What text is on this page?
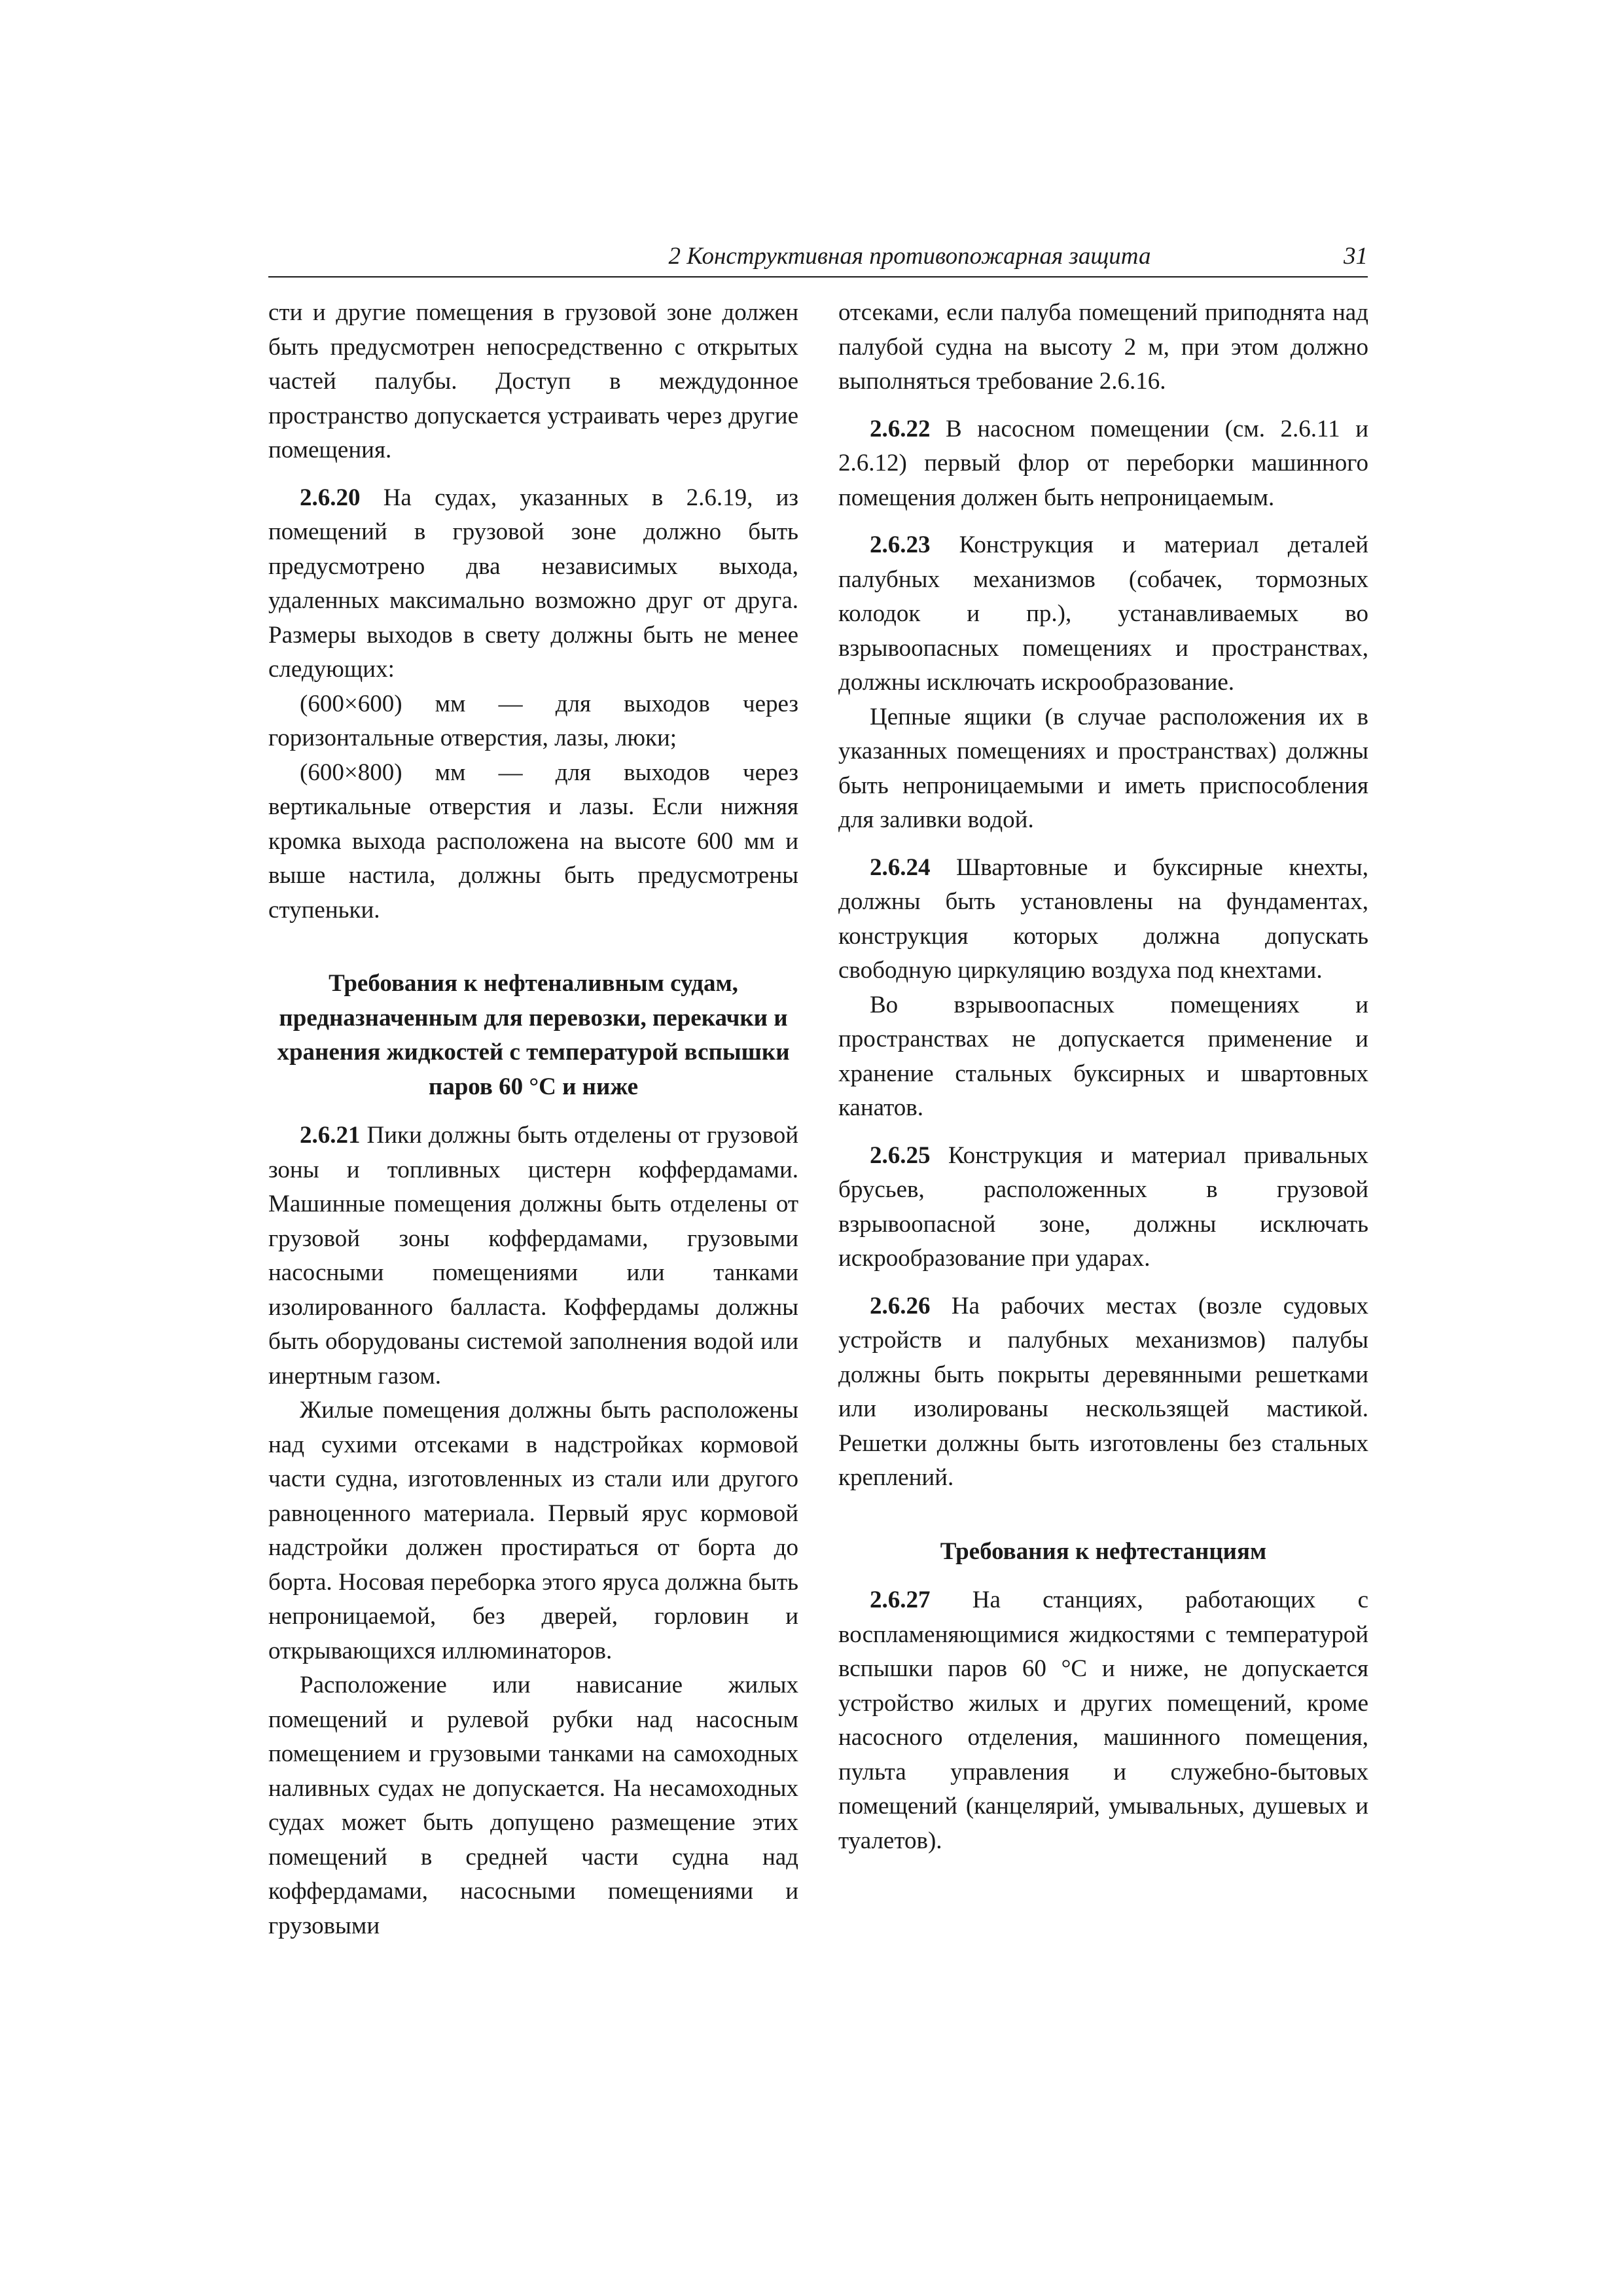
2 Конструктивная противопожарная защита	31

сти и другие помещения в грузовой зоне должен быть предусмотрен непосредственно с открытых частей палубы. Доступ в междудонное пространство допускается устраивать через другие помещения.

2.6.20 На судах, указанных в 2.6.19, из помещений в грузовой зоне должно быть предусмотрено два независимых выхода, удаленных максимально возможно друг от друга. Размеры выходов в свету должны быть не менее следующих:

(600×600) мм — для выходов через горизонтальные отверстия, лазы, люки;

(600×800) мм — для выходов через вертикальные отверстия и лазы. Если нижняя кромка выхода расположена на высоте 600 мм и выше настила, должны быть предусмотрены ступеньки.

Требования к нефтеналивным судам, предназначенным для перевозки, перекачки и хранения жидкостей с температурой вспышки паров 60 °С и ниже

2.6.21 Пики должны быть отделены от грузовой зоны и топливных цистерн коффердамами. Машинные помещения должны быть отделены от грузовой зоны коффердамами, грузовыми насосными помещениями или танками изолированного балласта. Коффердамы должны быть оборудованы системой заполнения водой или инертным газом.

Жилые помещения должны быть расположены над сухими отсеками в надстройках кормовой части судна, изготовленных из стали или другого равноценного материала. Первый ярус кормовой надстройки должен простираться от борта до борта. Носовая переборка этого яруса должна быть непроницаемой, без дверей, горловин и открывающихся иллюминаторов.

Расположение или нависание жилых помещений и рулевой рубки над насосным помещением и грузовыми танками на самоходных наливных судах не допускается. На несамоходных судах может быть допущено размещение этих помещений в средней части судна над коффердамами, насосными помещениями и грузовыми

отсеками, если палуба помещений приподнята над палубой судна на высоту 2 м, при этом должно выполняться требование 2.6.16.

2.6.22 В насосном помещении (см. 2.6.11 и 2.6.12) первый флор от переборки машинного помещения должен быть непроницаемым.

2.6.23 Конструкция и материал деталей палубных механизмов (собачек, тормозных колодок и пр.), устанавливаемых во взрывоопасных помещениях и пространствах, должны исключать искрообразование.

Цепные ящики (в случае расположения их в указанных помещениях и пространствах) должны быть непроницаемыми и иметь приспособления для заливки водой.

2.6.24 Швартовные и буксирные кнехты, должны быть установлены на фундаментах, конструкция которых должна допускать свободную циркуляцию воздуха под кнехтами.

Во взрывоопасных помещениях и пространствах не допускается применение и хранение стальных буксирных и швартовных канатов.

2.6.25 Конструкция и материал привальных брусьев, расположенных в грузовой взрывоопасной зоне, должны исключать искрообразование при ударах.

2.6.26 На рабочих местах (возле судовых устройств и палубных механизмов) палубы должны быть покрыты деревянными решетками или изолированы нескользящей мастикой. Решетки должны быть изготовлены без стальных креплений.

Требования к нефтестанциям

2.6.27 На станциях, работающих с воспламеняющимися жидкостями с температурой вспышки паров 60 °С и ниже, не допускается устройство жилых и других помещений, кроме насосного отделения, машинного помещения, пульта управления и служебно-бытовых помещений (канцелярий, умывальных, душевых и туалетов).
